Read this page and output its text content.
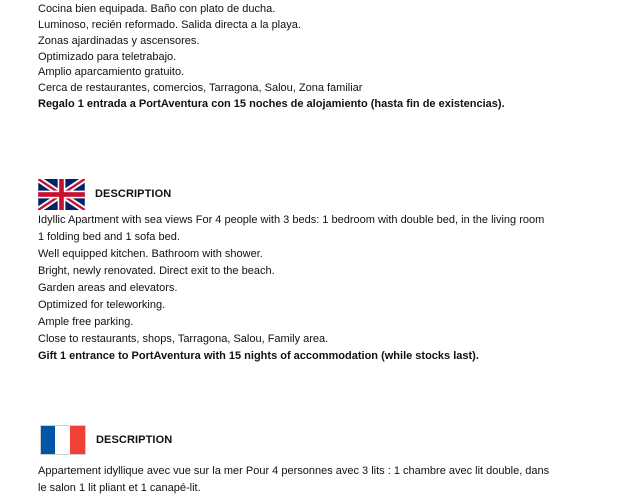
Cocina bien equipada. Baño con plato de ducha.
Luminoso, recién reformado. Salida directa a la playa.
Zonas ajardinadas y ascensores.
Optimizado para teletrabajo.
Amplio aparcamiento gratuito.
Cerca de restaurantes, comercios, Tarragona, Salou, Zona familiar
Regalo 1 entrada a PortAventura con 15 noches de alojamiento (hasta fin de existencias).
DESCRIPTION
Idyllic Apartment with sea views For 4 people with 3 beds: 1 bedroom with double bed, in the living room
1 folding bed and 1 sofa bed.
Well equipped kitchen. Bathroom with shower.
Bright, newly renovated. Direct exit to the beach.
Garden areas and elevators.
Optimized for teleworking.
Ample free parking.
Close to restaurants, shops, Tarragona, Salou, Family area.
Gift 1 entrance to PortAventura with 15 nights of accommodation (while stocks last).
DESCRIPTION
Appartement idyllique avec vue sur la mer Pour 4 personnes avec 3 lits : 1 chambre avec lit double, dans
le salon 1 lit pliant et 1 canapé-lit.
